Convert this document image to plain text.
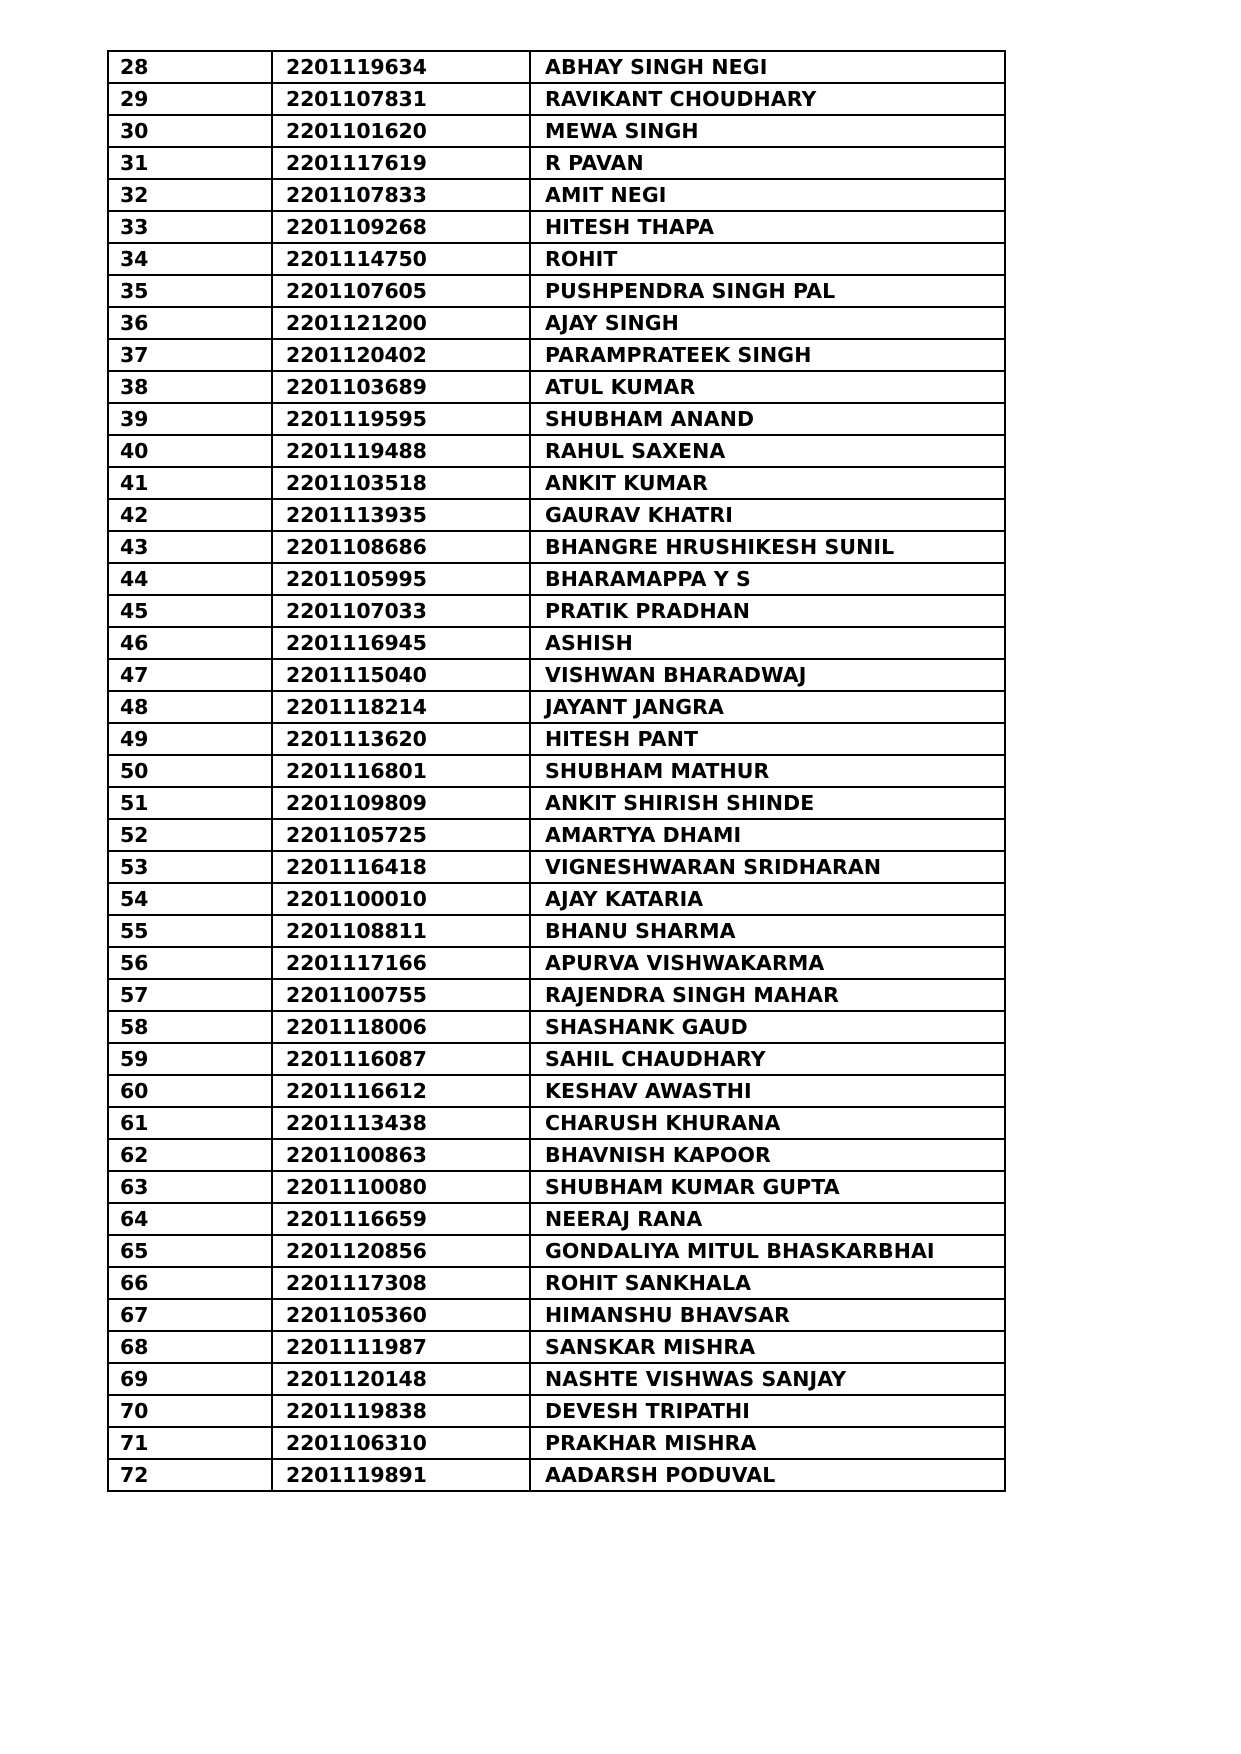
28	2201119634	ABHAY SINGH NEGI
29	2201107831	RAVIKANT CHOUDHARY
30	2201101620	MEWA SINGH
31	2201117619	R PAVAN
32	2201107833	AMIT NEGI
33	2201109268	HITESH THAPA
34	2201114750	ROHIT
35	2201107605	PUSHPENDRA SINGH PAL
36	2201121200	AJAY SINGH
37	2201120402	PARAMPRATEEK SINGH
38	2201103689	ATUL KUMAR
39	2201119595	SHUBHAM ANAND
40	2201119488	RAHUL SAXENA
41	2201103518	ANKIT KUMAR
42	2201113935	GAURAV KHATRI
43	2201108686	BHANGRE HRUSHIKESH SUNIL
44	2201105995	BHARAMAPPA Y S
45	2201107033	PRATIK PRADHAN
46	2201116945	ASHISH
47	2201115040	VISHWAN BHARADWAJ
48	2201118214	JAYANT JANGRA
49	2201113620	HITESH PANT
50	2201116801	SHUBHAM MATHUR
51	2201109809	ANKIT SHIRISH SHINDE
52	2201105725	AMARTYA DHAMI
53	2201116418	VIGNESHWARAN SRIDHARAN
54	2201100010	AJAY KATARIA
55	2201108811	BHANU SHARMA
56	2201117166	APURVA VISHWAKARMA
57	2201100755	RAJENDRA SINGH MAHAR
58	2201118006	SHASHANK GAUD
59	2201116087	SAHIL CHAUDHARY
60	2201116612	KESHAV AWASTHI
61	2201113438	CHARUSH KHURANA
62	2201100863	BHAVNISH KAPOOR
63	2201110080	SHUBHAM KUMAR GUPTA
64	2201116659	NEERAJ RANA
65	2201120856	GONDALIYA MITUL BHASKARBHAI
66	2201117308	ROHIT SANKHALA
67	2201105360	HIMANSHU BHAVSAR
68	2201111987	SANSKAR MISHRA
69	2201120148	NASHTE VISHWAS SANJAY
70	2201119838	DEVESH TRIPATHI
71	2201106310	PRAKHAR MISHRA
72	2201119891	AADARSH PODUVAL
